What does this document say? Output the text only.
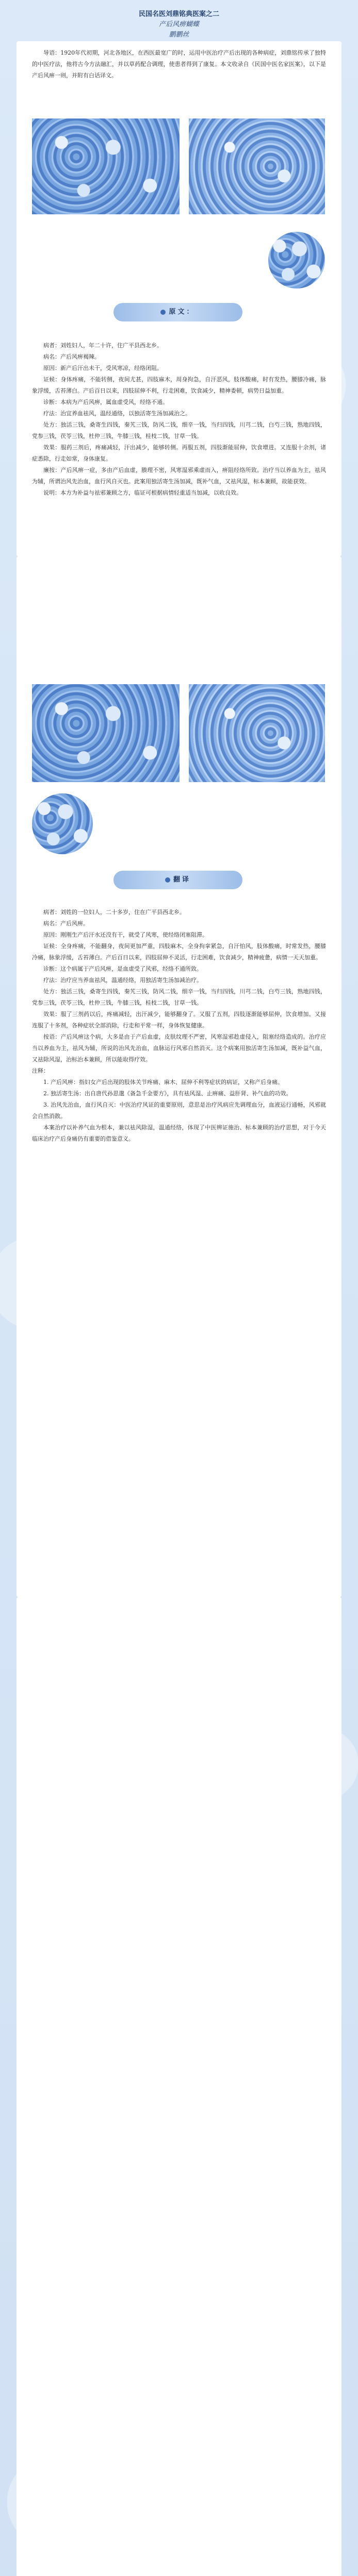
民国名医刘鼎铭典医案之二
产后风痹蝴蝶
鹏鹏丝

导语：1920年代初期，河北各地区，在西医最宽广的时，运用中医治疗产后出现的各种病症，刘鼎铭传承了独特的中医疗法，他将古今方法融汇，并以草药配合调理，使患者得到了康复。本文收录自《民国中医名家医案》，以下是产后风痹一则，并附有白话译文。

原文：

病者：刘姓妇人，年二十许，住广平县西北乡。

病名：产后风痹褐辣。

原因：新产后汗出未干，受风寒凉，经络闭阻。

证候：身体疼痛，不能转侧，夜间尤甚，四肢麻木，周身拘急，自汗恶风，肢体酸痛，时有发热，腰膝冷痛，脉象浮缓，舌苔薄白。产后百日以来，四肢屈伸不利，行走困难，饮食减少，精神委顿，病势日益加重。

诊断：本病为产后风痹，属血虚受风，经络不通。

疗法：治宜养血祛风，温经通络，以独活寄生汤加减治之。

处方：独活三钱，桑寄生四钱，秦艽三钱，防风二钱，细辛一钱，当归四钱，川芎二钱，白芍三钱，熟地四钱，党参三钱，茯苓三钱，杜仲三钱，牛膝三钱，桂枝二钱，甘草一钱。

效果：服药三剂后，疼痛减轻，汗出减少，能够转侧。再服五剂，四肢渐能屈伸，饮食增进。又连服十余剂，诸症悉除，行走如常，身体康复。

廉按：产后风痹一症，多由产后血虚，腠理不密，风寒湿邪乘虚而入，痹阻经络所致。治疗当以养血为主，祛风为辅，所谓治风先治血，血行风自灭也。此案用独活寄生汤加减，既补气血，又祛风湿，标本兼顾，故能获效。

说明：本方为补益与祛邪兼顾之方，临证可根据病情轻重适当加减，以收良效。

翻译

病者：刘姓的一位妇人，二十多岁，住在广平县西北乡。

病名：产后风痹。

原因：刚刚生产后汗水还没有干，就受了风寒，使经络闭塞阻滞。

证候：全身疼痛，不能翻身，夜间更加严重，四肢麻木，全身拘挛紧急，自汗怕风，肢体酸痛，时常发热，腰膝冷痛，脉象浮缓，舌苔薄白。产后百日以来，四肢屈伸不灵活，行走困难，饮食减少，精神疲惫，病情一天天加重。

诊断：这个病属于产后风痹，是血虚受了风邪，经络不通所致。

疗法：治疗应当养血祛风，温通经络，用独活寄生汤加减治疗。

处方：独活三钱，桑寄生四钱，秦艽三钱，防风二钱，细辛一钱，当归四钱，川芎二钱，白芍三钱，熟地四钱，党参三钱，茯苓三钱，杜仲三钱，牛膝三钱，桂枝二钱，甘草一钱。

效果：服了三剂药以后，疼痛减轻，出汗减少，能够翻身了。又服了五剂，四肢逐渐能够屈伸，饮食增加。又接连服了十多剂，各种症状全部消除，行走和平常一样，身体恢复健康。

按语：产后风痹这个病，大多是由于产后血虚，皮肤纹理不严密，风寒湿邪趁虚侵入，阻塞经络造成的。治疗应当以养血为主，祛风为辅，所说的治风先治血，血脉运行风邪自然消灭。这个病案用独活寄生汤加减，既补益气血，又祛除风湿，治标治本兼顾，所以能取得疗效。

注释：

1. 产后风痹：指妇女产后出现的肢体关节疼痛、麻木、屈伸不利等症状的病证，又称产后身痛。

2. 独活寄生汤：出自唐代孙思邈《备急千金要方》，具有祛风湿、止痹痛、益肝肾、补气血的功效。

3. 治风先治血，血行风自灭：中医治疗风证的重要原则，意思是治疗风病应先调理血分，血液运行通畅，风邪就会自然消散。

本案治疗以补养气血为根本，兼以祛风除湿，温通经络，体现了中医辨证施治、标本兼顾的治疗思想，对于今天临床治疗产后身痛仍有重要的借鉴意义。
